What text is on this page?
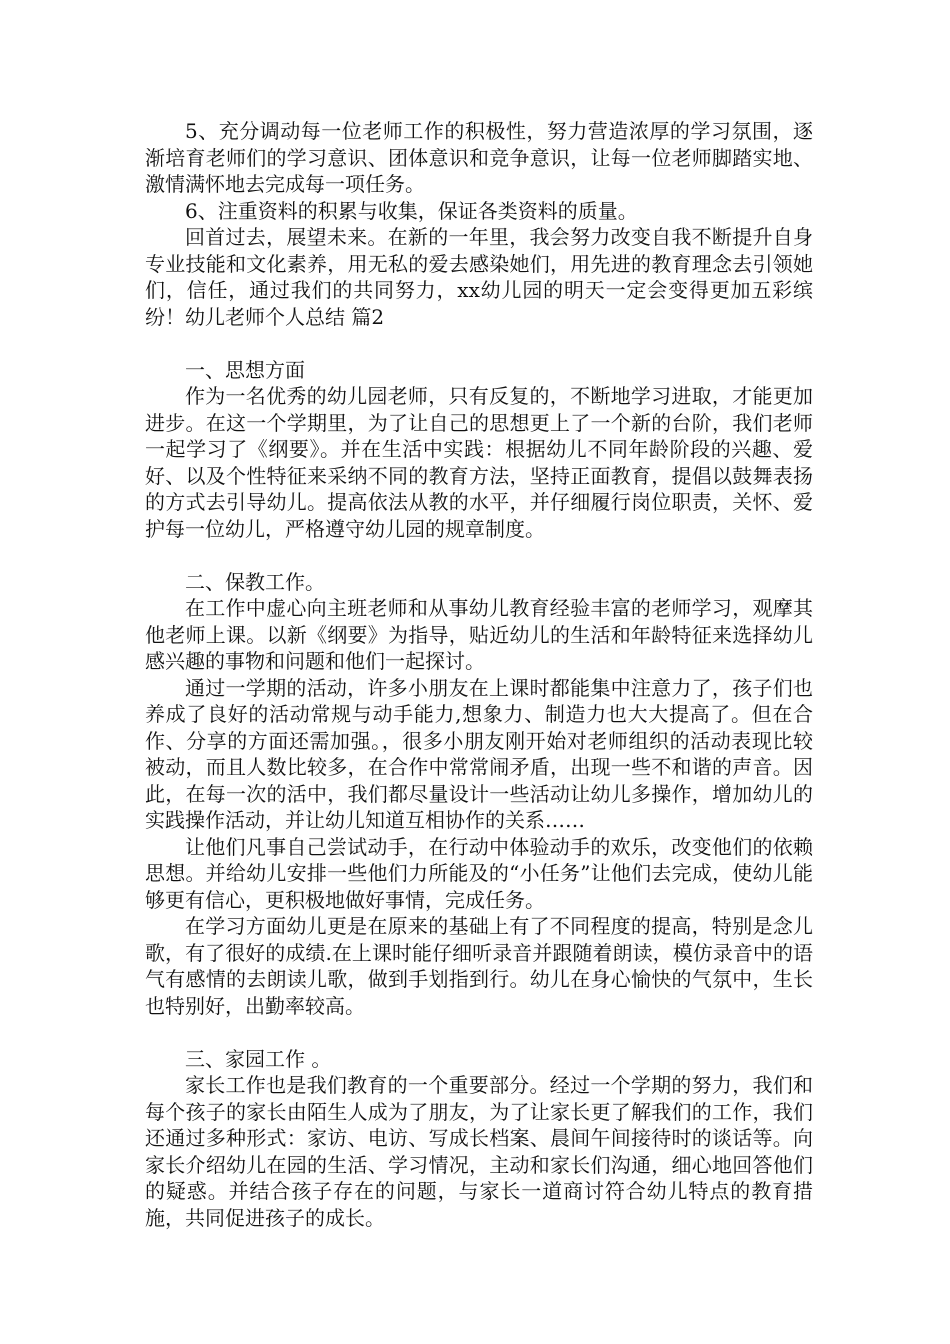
5、充分调动每一位老师工作的积极性，努力营造浓厚的学习氛围，逐渐培育老师们的学习意识、团体意识和竞争意识，让每一位老师脚踏实地、激情满怀地去完成每一项任务。

6、注重资料的积累与收集，保证各类资料的质量。

回首过去，展望未来。在新的一年里，我会努力改变自我不断提升自身专业技能和文化素养，用无私的爱去感染她们，用先进的教育理念去引领她们，信任，通过我们的共同努力，xx幼儿园的明天一定会变得更加五彩缤纷！幼儿老师个人总结 篇2

一、思想方面

作为一名优秀的幼儿园老师，只有反复的，不断地学习进取，才能更加进步。在这一个学期里，为了让自己的思想更上了一个新的台阶，我们老师一起学习了《纲要》。并在生活中实践：根据幼儿不同年龄阶段的兴趣、爱好、以及个性特征来采纳不同的教育方法，坚持正面教育，提倡以鼓舞表扬的方式去引导幼儿。提高依法从教的水平，并仔细履行岗位职责，关怀、爱护每一位幼儿，严格遵守幼儿园的规章制度。

二、保教工作。

在工作中虚心向主班老师和从事幼儿教育经验丰富的老师学习，观摩其他老师上课。以新《纲要》为指导，贴近幼儿的生活和年龄特征来选择幼儿感兴趣的事物和问题和他们一起探讨。

通过一学期的活动，许多小朋友在上课时都能集中注意力了，孩子们也养成了良好的活动常规与动手能力,想象力、制造力也大大提高了。但在合作、分享的方面还需加强。，很多小朋友刚开始对老师组织的活动表现比较被动，而且人数比较多，在合作中常常闹矛盾，出现一些不和谐的声音。因此，在每一次的活中，我们都尽量设计一些活动让幼儿多操作，增加幼儿的实践操作活动，并让幼儿知道互相协作的关系……

让他们凡事自己尝试动手，在行动中体验动手的欢乐，改变他们的依赖思想。并给幼儿安排一些他们力所能及的“小任务”让他们去完成，使幼儿能够更有信心，更积极地做好事情，完成任务。

在学习方面幼儿更是在原来的基础上有了不同程度的提高，特别是念儿歌，有了很好的成绩.在上课时能仔细听录音并跟随着朗读，模仿录音中的语气有感情的去朗读儿歌，做到手划指到行。幼儿在身心愉快的气氛中，生长也特别好，出勤率较高。

三、家园工作 。

家长工作也是我们教育的一个重要部分。经过一个学期的努力，我们和每个孩子的家长由陌生人成为了朋友，为了让家长更了解我们的工作，我们还通过多种形式：家访、电访、写成长档案、晨间午间接待时的谈话等。向家长介绍幼儿在园的生活、学习情况，主动和家长们沟通，细心地回答他们的疑惑。并结合孩子存在的问题，与家长一道商讨符合幼儿特点的教育措施，共同促进孩子的成长。
